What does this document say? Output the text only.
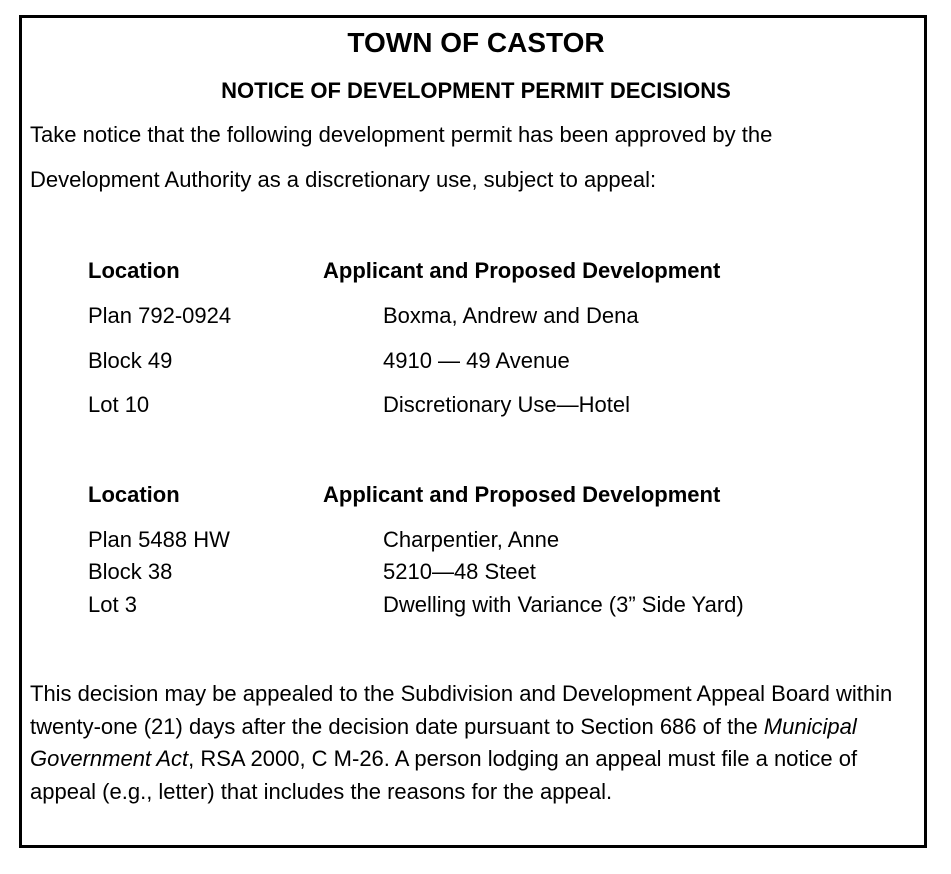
TOWN OF CASTOR
NOTICE OF DEVELOPMENT PERMIT DECISIONS
Take notice that the following development permit has been approved by the
Development Authority as a discretionary use, subject to appeal:
Location	Applicant and Proposed Development
Plan 792-0924	Boxma, Andrew and Dena
Block 49	4910 — 49 Avenue
Lot 10	Discretionary Use—Hotel
Location	Applicant and Proposed Development
Plan 5488 HW	Charpentier, Anne
Block 38	5210—48 Steet
Lot 3	Dwelling with Variance (3” Side Yard)
This decision may be appealed to the Subdivision and Development Appeal Board within twenty-one (21) days after the decision date pursuant to Section 686 of the Municipal Government Act, RSA 2000, C M-26. A person lodging an appeal must file a notice of appeal (e.g., letter) that includes the reasons for the appeal.
